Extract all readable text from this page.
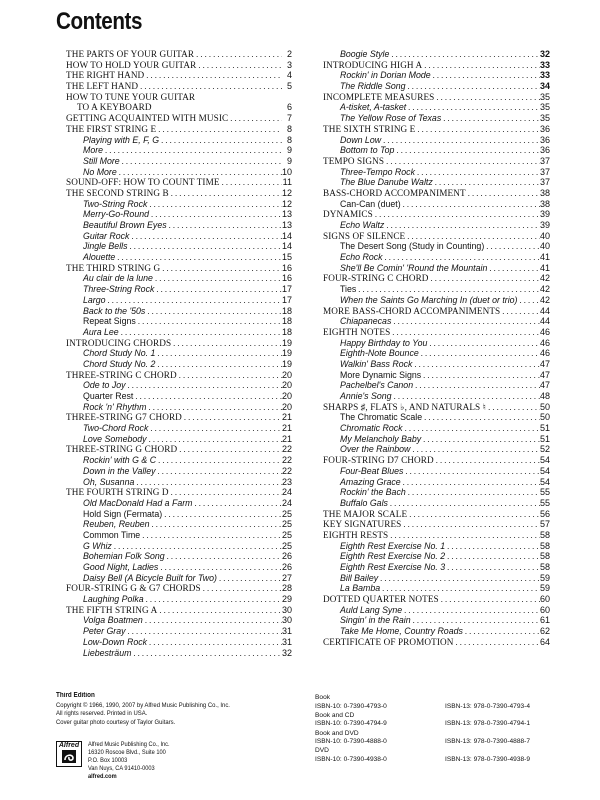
Contents
THE PARTS OF YOUR GUITAR . . .	2
HOW TO HOLD YOUR GUITAR . . .	3
THE RIGHT HAND . . .	4
THE LEFT HAND . . .	5
HOW TO TUNE YOUR GUITAR
TO A KEYBOARD	6
GETTING ACQUAINTED WITH MUSIC . . .	7
THE FIRST STRING E . . .	8
Playing with E, F, G . . .	8
More . . .	9
Still More . . .	9
No More . . .	10
SOUND-OFF: HOW TO COUNT TIME . . .	11
THE SECOND STRING B . . .	12
Two-String Rock . . .	12
Merry-Go-Round . . .	13
Beautiful Brown Eyes . . .	13
Guitar Rock . . .	14
Jingle Bells . . .	14
Alouette . . .	15
THE THIRD STRING G . . .	16
Au clair de la lune . . .	16
Three-String Rock . . .	17
Largo . . .	17
Back to the '50s . . .	18
Repeat Signs . . .	18
Aura Lee . . .	18
INTRODUCING CHORDS . . .	19
Chord Study No. 1 . . .	19
Chord Study No. 2 . . .	19
THREE-STRING C CHORD . . .	20
Ode to Joy . . .	20
Quarter Rest . . .	20
Rock 'n' Rhythm . . .	20
THREE-STRING G7 CHORD . . .	21
Two-Chord Rock . . .	21
Love Somebody . . .	21
THREE-STRING G CHORD . . .	22
Rockin' with G & C . . .	22
Down in the Valley . . .	22
Oh, Susanna . . .	23
THE FOURTH STRING D . . .	24
Old MacDonald Had a Farm . . .	24
Hold Sign (Fermata) . . .	25
Reuben, Reuben . . .	25
Common Time . . .	25
G Whiz . . .	25
Bohemian Folk Song . . .	26
Good Night, Ladies . . .	26
Daisy Bell (A Bicycle Built for Two) . . .	27
FOUR-STRING G & G7 CHORDS . . .	28
Laughing Polka . . .	29
THE FIFTH STRING A . . .	30
Volga Boatmen . . .	30
Peter Gray . . .	31
Low-Down Rock . . .	31
Liebesträum . . .	32
Boogie Style . . .	32
INTRODUCING HIGH A . . .	33
Rockin' in Dorian Mode . . .	33
The Riddle Song . . .	34
INCOMPLETE MEASURES . . .	35
A-tisket, A-tasket . . .	35
The Yellow Rose of Texas . . .	35
THE SIXTH STRING E . . .	36
Down Low . . .	36
Bottom to Top . . .	36
TEMPO SIGNS . . .	37
Three-Tempo Rock . . .	37
The Blue Danube Waltz . . .	37
BASS-CHORD ACCOMPANIMENT . . .	38
Can-Can (duet) . . .	38
DYNAMICS . . .	39
Echo Waltz . . .	39
SIGNS OF SILENCE . . .	40
The Desert Song (Study in Counting) . . .	40
Echo Rock . . .	41
She'll Be Comin' 'Round the Mountain . . .	41
FOUR-STRING C CHORD . . .	42
Ties . . .	42
When the Saints Go Marching In (duet or trio) . . .	42
MORE BASS-CHORD ACCOMPANIMENTS . . .	44
Chiapanecas . . .	44
EIGHTH NOTES . . .	46
Happy Birthday to You . . .	46
Eighth-Note Bounce . . .	46
Walkin' Bass Rock . . .	47
More Dynamic Signs . . .	47
Pachelbel's Canon . . .	47
Annie's Song . . .	48
SHARPS ♯, FLATS ♭, AND NATURALS ♮ . . .	50
The Chromatic Scale . . .	50
Chromatic Rock . . .	51
My Melancholy Baby . . .	51
Over the Rainbow . . .	52
FOUR-STRING D7 CHORD . . .	54
Four-Beat Blues . . .	54
Amazing Grace . . .	54
Rockin' the Bach . . .	55
Buffalo Gals . . .	55
THE MAJOR SCALE . . .	56
KEY SIGNATURES . . .	57
EIGHTH RESTS . . .	58
Eighth Rest Exercise No. 1 . . .	58
Eighth Rest Exercise No. 2 . . .	58
Eighth Rest Exercise No. 3 . . .	58
Bill Bailey . . .	59
La Bamba . . .	59
DOTTED QUARTER NOTES . . .	60
Auld Lang Syne . . .	60
Singin' in the Rain . . .	61
Take Me Home, Country Roads . . .	62
CERTIFICATE OF PROMOTION . . .	64
Third Edition
Copyright © 1966, 1990, 2007 by Alfred Music Publishing Co., Inc.
All rights reserved. Printed in USA.
Cover guitar photo courtesy of Taylor Guitars.
Alfred Alfred Music Publishing Co., Inc.
16320 Roscoe Blvd., Suite 100
P.O. Box 10003
Van Nuys, CA 91410-0003
alfred.com
Book
ISBN-10: 0-7390-4793-0	ISBN-13: 978-0-7390-4793-4
Book and CD
ISBN-10: 0-7390-4794-9	ISBN-13: 978-0-7390-4794-1
Book and DVD
ISBN-10: 0-7390-4888-0	ISBN-13: 978-0-7390-4888-7
DVD
ISBN-10: 0-7390-4938-0	ISBN-13: 978-0-7390-4938-9
